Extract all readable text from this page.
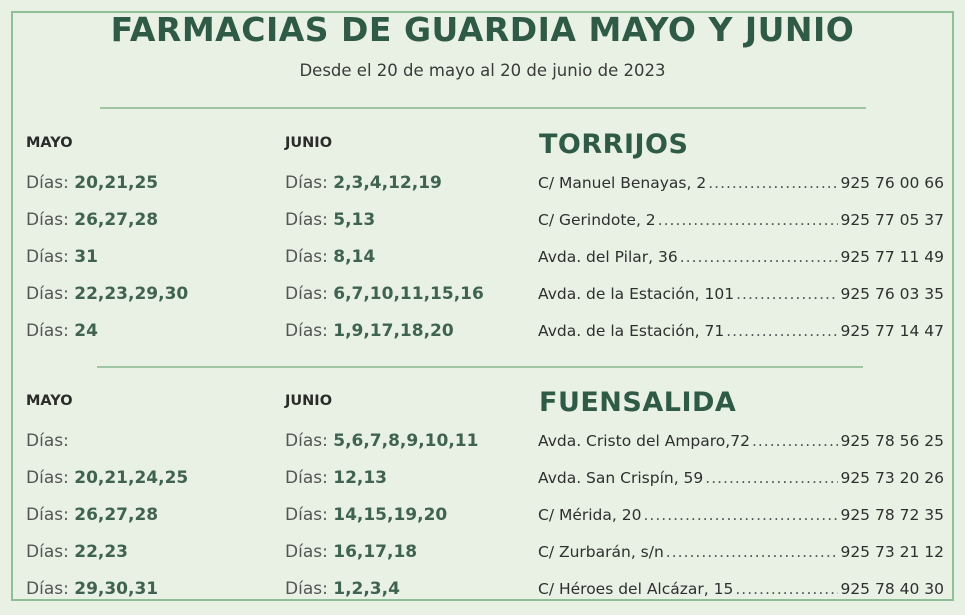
FARMACIAS DE GUARDIA MAYO Y JUNIO
Desde el 20 de mayo al 20 de junio de 2023
MAYO	JUNIO	TORRIJOS
Días: 20,21,25	Días: 2,3,4,12,19	C/ Manuel Benayas, 2 .....	925 76 00 66
Días: 26,27,28	Días: 5,13	C/ Gerindote, 2 .....	925 77 05 37
Días: 31	Días: 8,14	Avda. del Pilar, 36 .....	925 77 11 49
Días: 22,23,29,30	Días: 6,7,10,11,15,16	Avda. de la Estación, 101 .....	925 76 03 35
Días: 24	Días: 1,9,17,18,20	Avda. de la Estación, 71 .....	925 77 14 47
MAYO	JUNIO	FUENSALIDA
Días:	Días: 5,6,7,8,9,10,11	Avda. Cristo del Amparo,72 .....	925 78 56 25
Días: 20,21,24,25	Días: 12,13	Avda. San Crispín, 59 .....	925 73 20 26
Días: 26,27,28	Días: 14,15,19,20	C/ Mérida, 20 .....	925 78 72 35
Días: 22,23	Días: 16,17,18	C/ Zurbarán, s/n .....	925 73 21 12
Días: 29,30,31	Días: 1,2,3,4	C/ Héroes del Alcázar, 15 .....	925 78 40 30
